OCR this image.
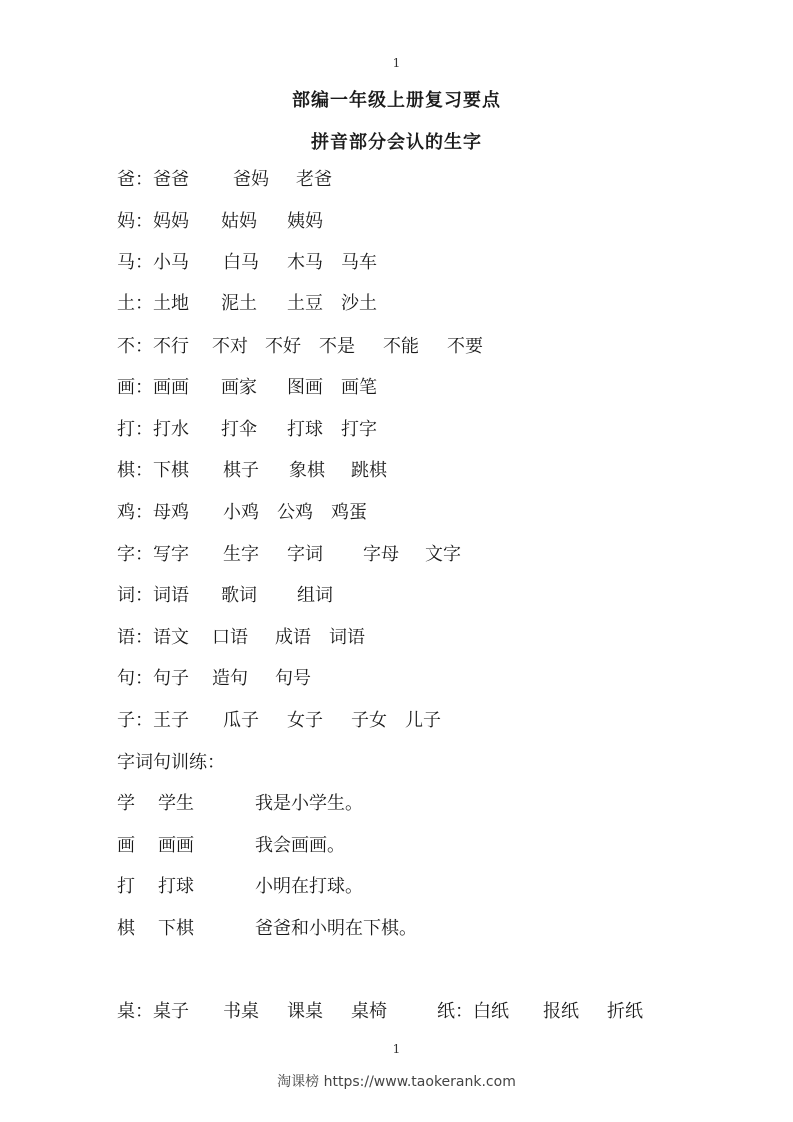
1
部编一年级上册复习要点
拼音部分会认的生字
爸：爸爸 爸妈 老爸
妈：妈妈 姑妈 姨妈
马：小马 白马 木马 马车
土：土地 泥土 土豆 沙土
不：不行 不对 不好 不是 不能 不要
画：画画 画家 图画 画笔
打：打水 打伞 打球 打字
棋：下棋 棋子 象棋 跳棋
鸡：母鸡 小鸡 公鸡 鸡蛋
字：写字 生字 字词 字母 文字
词：词语 歌词 组词
语：语文 口语 成语 词语
句：句子 造句 句号
子：王子 瓜子 女子 子女 儿子
字词句训练：
学 学生	我是小学生。
画 画画	我会画画。
打 打球	小明在打球。
棋 下棋	爸爸和小明在下棋。
桌：桌子 书桌 课桌 桌椅	纸：白纸 报纸 折纸
1
淘课榜 https://www.taokerank.com
